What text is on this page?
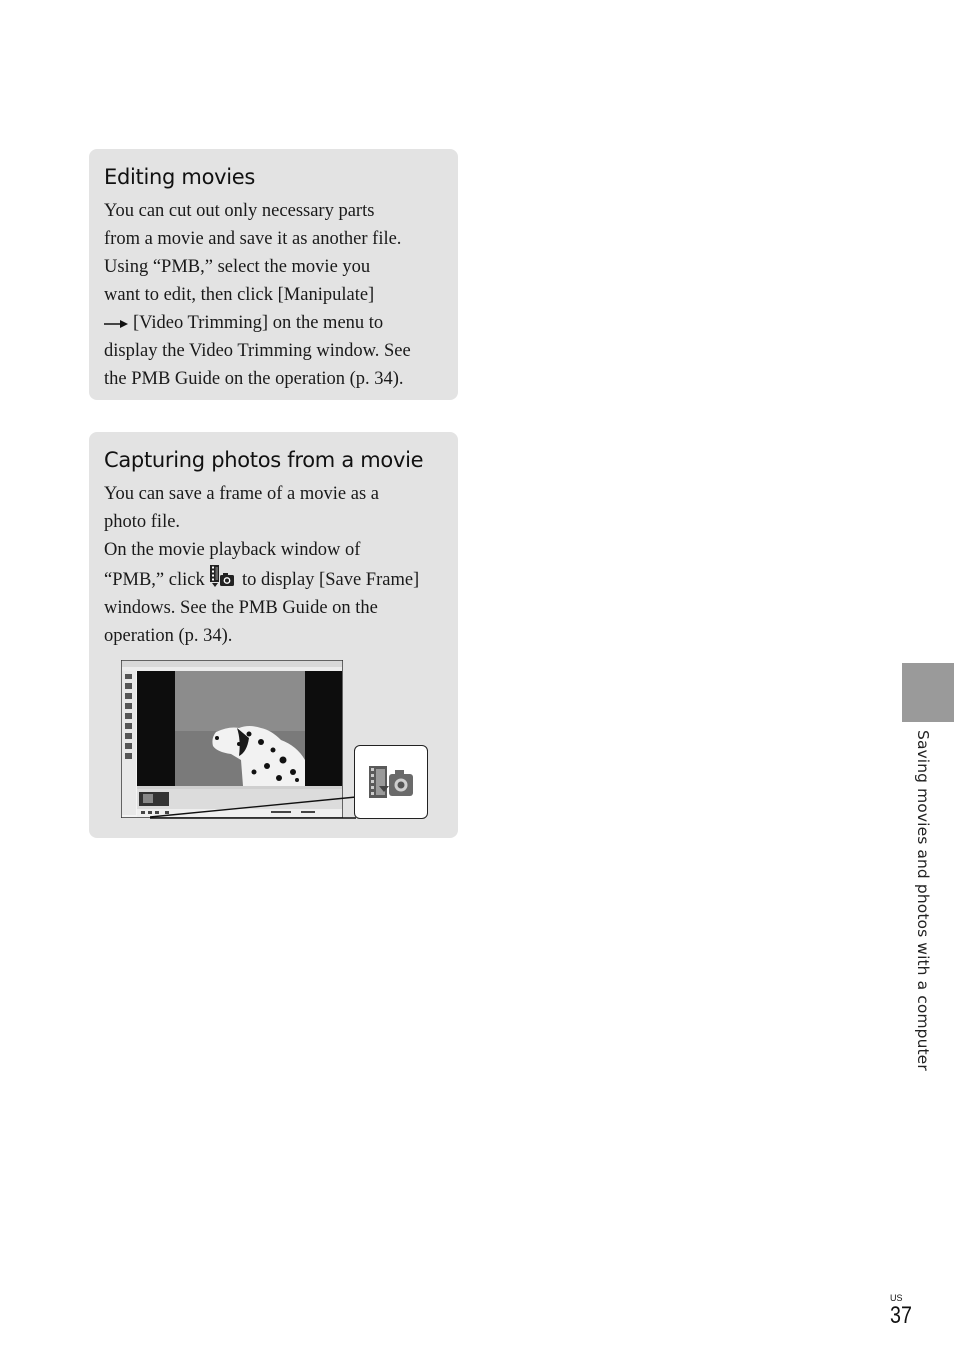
Editing movies

You can cut out only necessary parts
from a movie and save it as another file.
Using “PMB,” select the movie you
want to edit, then click [Manipulate]
[Video Trimming] on the menu to
display the Video Trimming window. See
the PMB Guide on the operation (p. 34).

Capturing photos from a movie

You can save a frame of a movie as a
photo file.
On the movie playback window of
“PMB,” click to display [Save Frame]
windows. See the PMB Guide on the
operation (p. 34).

Saving movies and photos with a computer
US
37
